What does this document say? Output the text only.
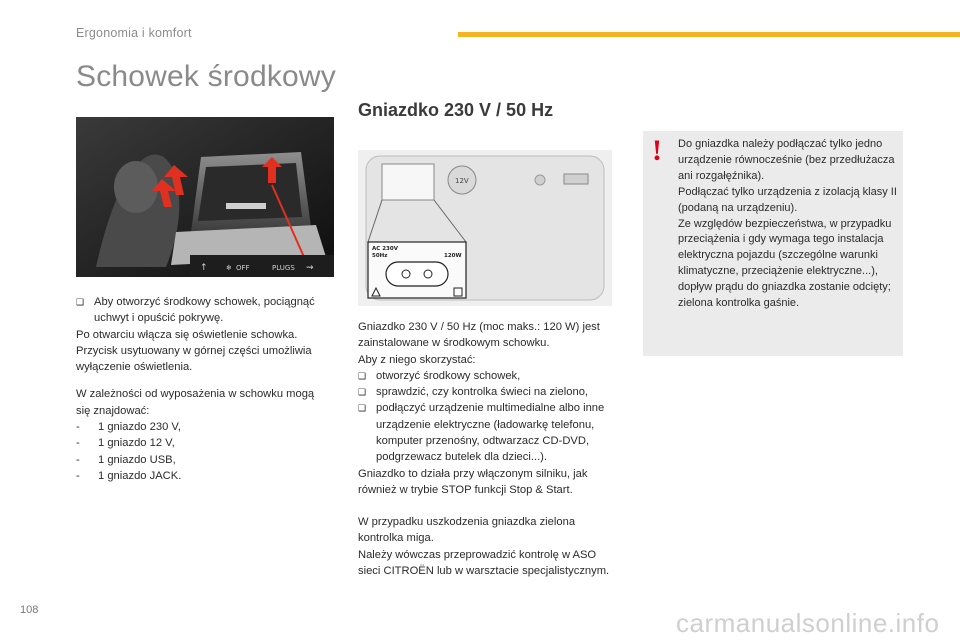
Ergonomia i komfort
Schowek środkowy
Gniazdko 230 V / 50 Hz
↑	❄ OFF	PLUGS ⇝
❑ Aby otworzyć środkowy schowek, pociągnąć uchwyt i opuścić pokrywę.
Po otwarciu włącza się oświetlenie schowka.
Przycisk usytuowany w górnej części umożliwia wyłączenie oświetlenia.
W zależności od wyposażenia w schowku mogą się znajdować:
- 1 gniazdo 230 V,
- 1 gniazdo 12 V,
- 1 gniazdo USB,
- 1 gniazdo JACK.
12V
AC 230V
50Hz	120W
Gniazdko 230 V / 50 Hz (moc maks.: 120 W) jest zainstalowane w środkowym schowku.
Aby z niego skorzystać:
❑ otworzyć środkowy schowek,
❑ sprawdzić, czy kontrolka świeci na zielono,
❑ podłączyć urządzenie multimedialne albo inne urządzenie elektryczne (ładowarkę telefonu, komputer przenośny, odtwarzacz CD-DVD, podgrzewacz butelek dla dzieci...).
Gniazdko to działa przy włączonym silniku, jak również w trybie STOP funkcji Stop & Start.
W przypadku uszkodzenia gniazdka zielona kontrolka miga.
Należy wówczas przeprowadzić kontrolę w ASO sieci CITROËN lub w warsztacie specjalistycznym.
! Do gniazdka należy podłączać tylko jedno urządzenie równocześnie (bez przedłużacza ani rozgałęźnika).
Podłączać tylko urządzenia z izolacją klasy II (podaną na urządzeniu).
Ze względów bezpieczeństwa, w przypadku przeciążenia i gdy wymaga tego instalacja elektryczna pojazdu (szczególne warunki klimatyczne, przeciążenie elektryczne...), dopływ prądu do gniazdka zostanie odcięty; zielona kontrolka gaśnie.
108	carmanualsonline.info
